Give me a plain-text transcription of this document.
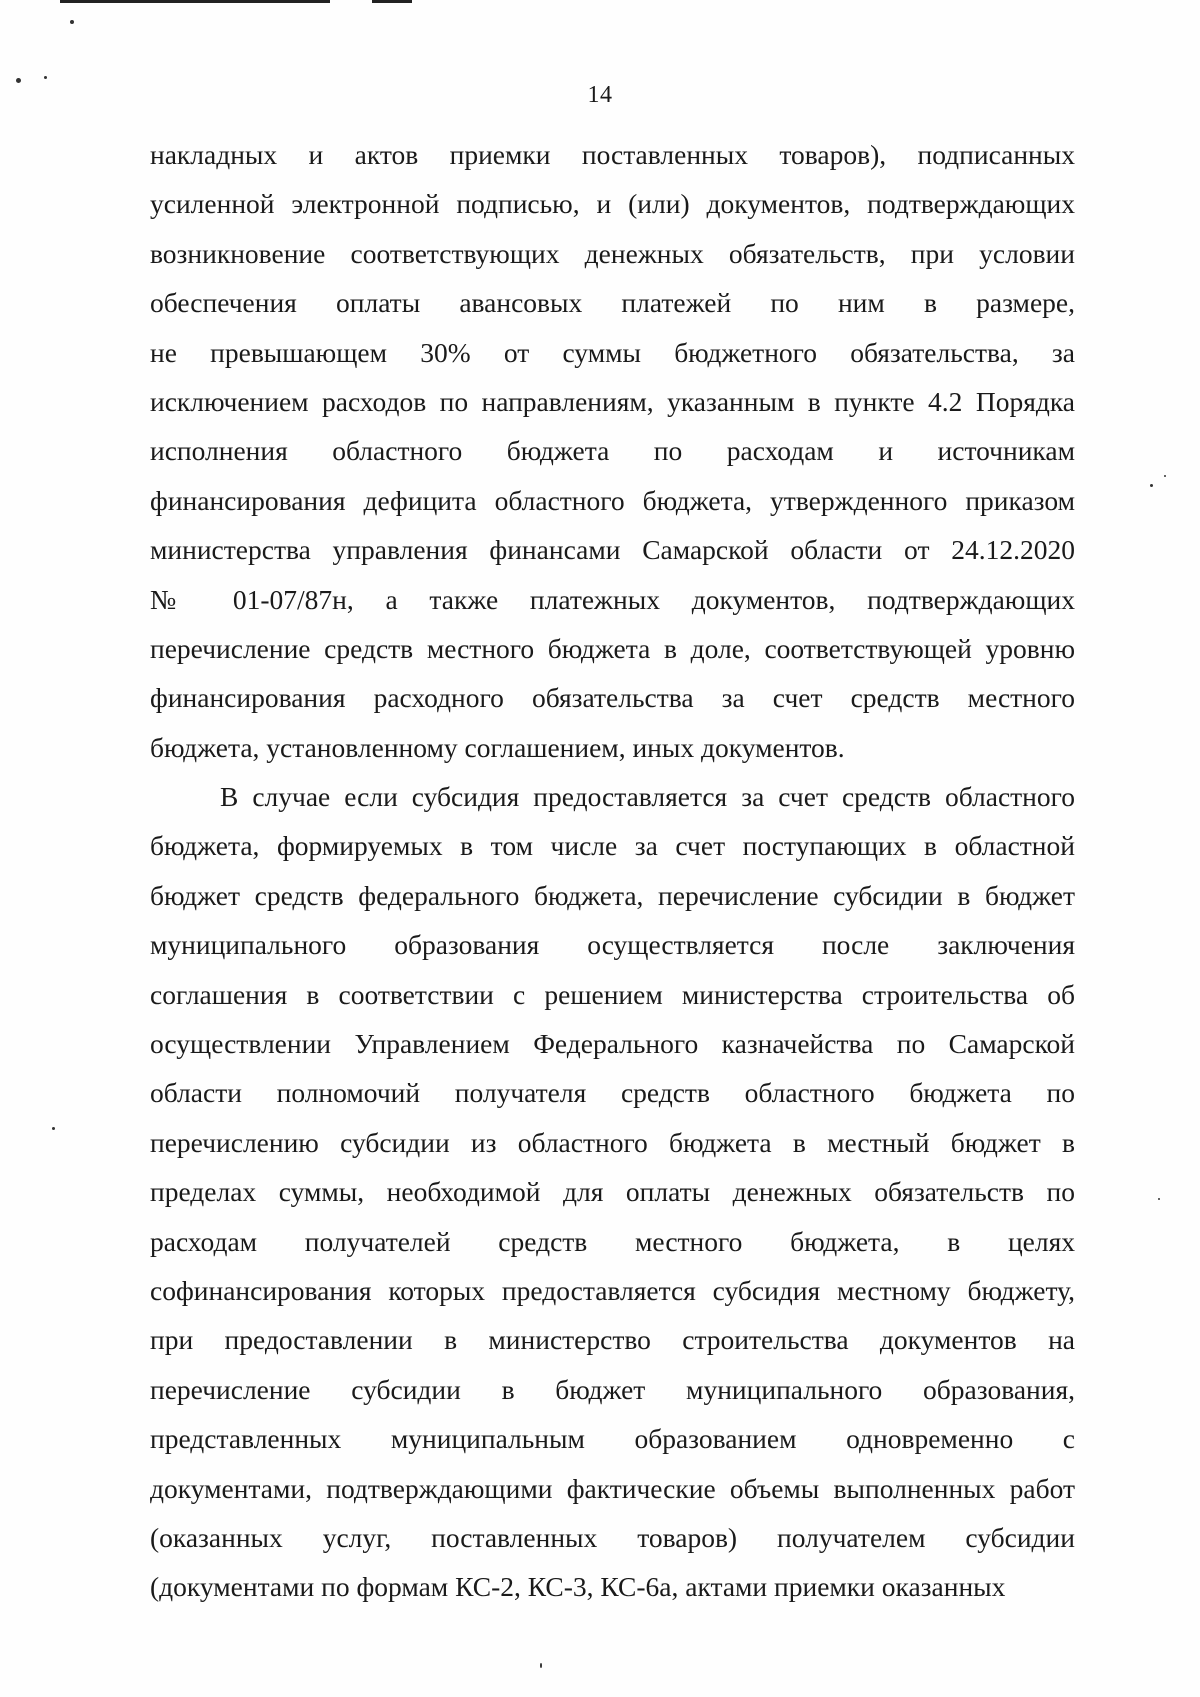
14
накладных и актов приемки поставленных товаров), подписанных
усиленной электронной подписью, и (или) документов, подтверждающих
возникновение соответствующих денежных обязательств, при условии
обеспечения оплаты авансовых платежей по ним в размере,
не превышающем 30% от суммы бюджетного обязательства, за
исключением расходов по направлениям, указанным в пункте 4.2 Порядка
исполнения областного бюджета по расходам и источникам
финансирования дефицита областного бюджета, утвержденного приказом
министерства управления финансами Самарской области от 24.12.2020
№ 01-07/87н, а также платежных документов, подтверждающих
перечисление средств местного бюджета в доле, соответствующей уровню
финансирования расходного обязательства за счет средств местного
бюджета, установленному соглашением, иных документов.
В случае если субсидия предоставляется за счет средств областного
бюджета, формируемых в том числе за счет поступающих в областной
бюджет средств федерального бюджета, перечисление субсидии в бюджет
муниципального образования осуществляется после заключения
соглашения в соответствии с решением министерства строительства об
осуществлении Управлением Федерального казначейства по Самарской
области полномочий получателя средств областного бюджета по
перечислению субсидии из областного бюджета в местный бюджет в
пределах суммы, необходимой для оплаты денежных обязательств по
расходам получателей средств местного бюджета, в целях
софинансирования которых предоставляется субсидия местному бюджету,
при предоставлении в министерство строительства документов на
перечисление субсидии в бюджет муниципального образования,
представленных муниципальным образованием одновременно с
документами, подтверждающими фактические объемы выполненных работ
(оказанных услуг, поставленных товаров) получателем субсидии
(документами по формам КС-2, КС-3, КС-6а, актами приемки оказанных
